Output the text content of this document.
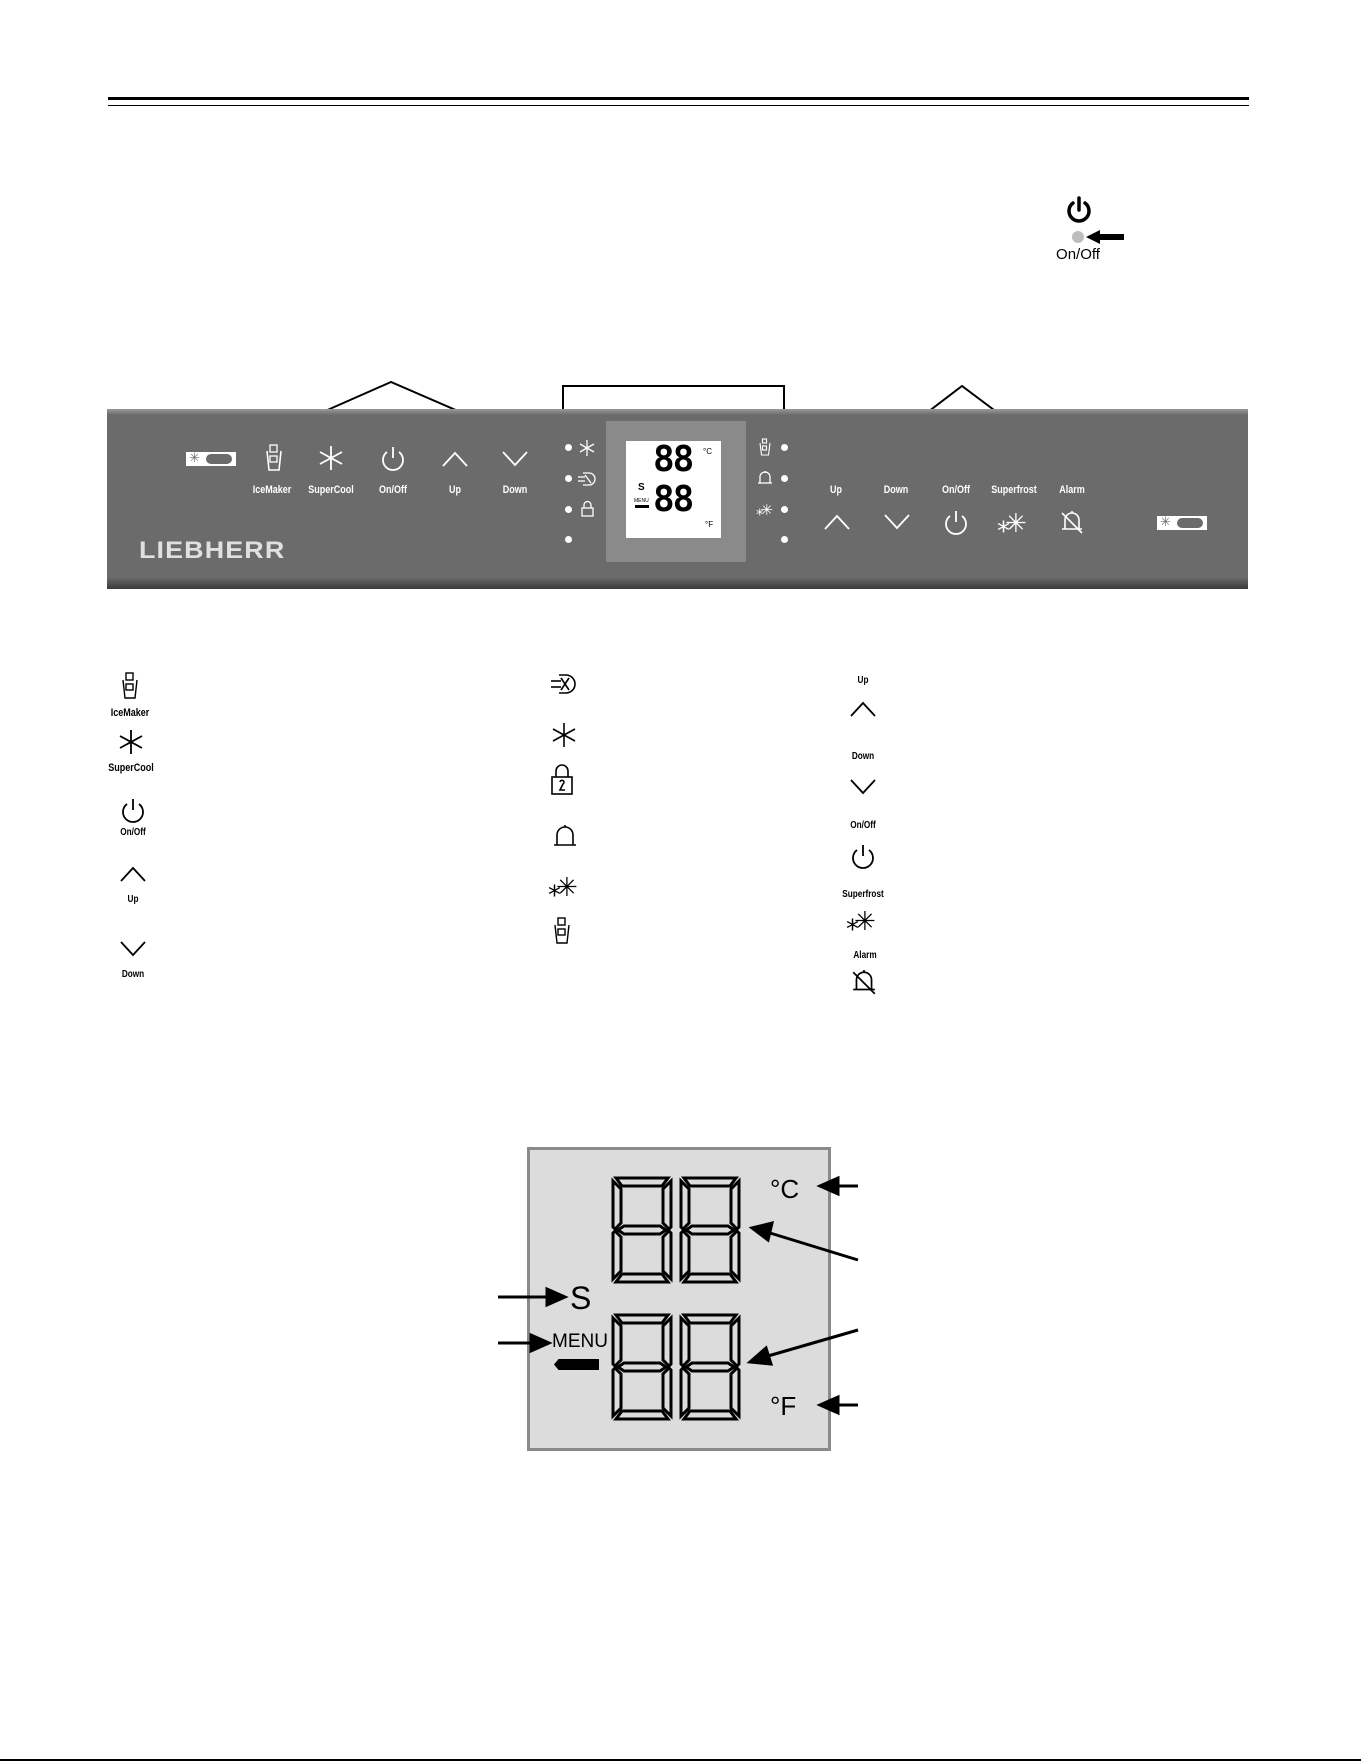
On/Off
✳
IceMaker	SuperCool	On/Off	Up	Down
LIEBHERR
88
88
°C
°F
S
MENU
⁎✳
Up	Down	On/Off	Superfrost
⁎✳
Alarm
✳
IceMaker
SuperCool
On/Off
Up
Down
⁎✳
Up
Down
On/Off
Superfrost
⁎✳
Alarm
°C
°F
S
MENU
